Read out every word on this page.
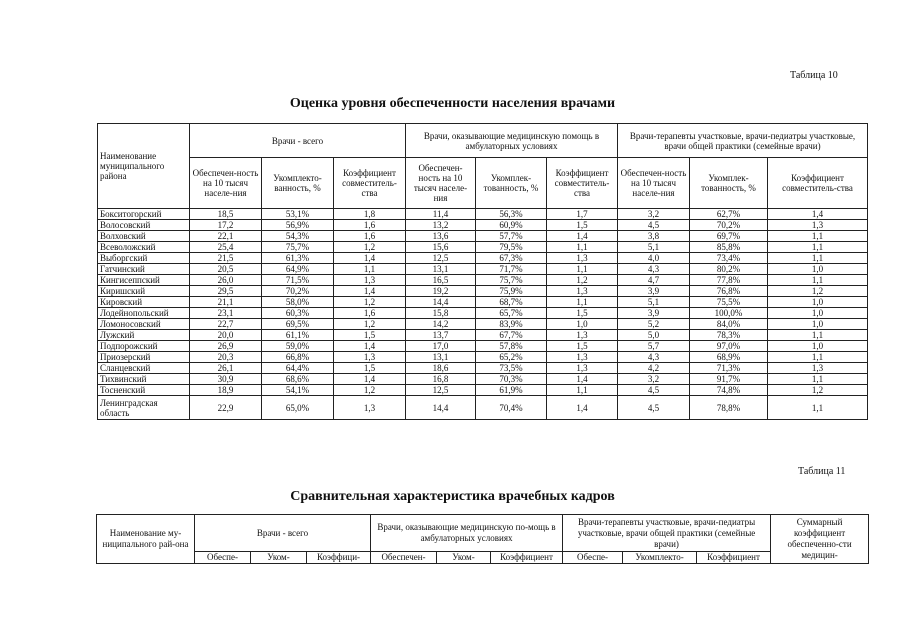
Таблица 10
Оценка уровня обеспеченности населения врачами
Наименование муниципального района	Врачи - всего			Врачи, оказывающие медицинскую помощь в амбулаторных условиях			Врачи-терапевты участковые, врачи-педиатры участковые, врачи общей практики (семейные врачи)		
	Обеспечен-ность на 10 тысяч населе-ния	Укомплекто-ванность, %	Коэффициент совместитель-ства	Обеспечен-ность на 10 тысяч населе-ния	Укомплек-тованность, %	Коэффициент совместитель-ства	Обеспечен-ность на 10 тысяч населе-ния	Укомплек-тованность, %	Коэффициент совместитель-ства
Бокситогорский	18,5	53,1%	1,8	11,4	56,3%	1,7	3,2	62,7%	1,4
Волосовский	17,2	56,9%	1,6	13,2	60,9%	1,5	4,5	70,2%	1,3
Волховский	22,1	54,3%	1,6	13,6	57,7%	1,4	3,8	69,7%	1,1
Всеволожский	25,4	75,7%	1,2	15,6	79,5%	1,1	5,1	85,8%	1,1
Выборгский	21,5	61,3%	1,4	12,5	67,3%	1,3	4,0	73,4%	1,1
Гатчинский	20,5	64,9%	1,1	13,1	71,7%	1,1	4,3	80,2%	1,0
Кингисеппский	26,0	71,5%	1,3	16,5	75,7%	1,2	4,7	77,8%	1,1
Киришский	29,5	70,2%	1,4	19,2	75,9%	1,3	3,9	76,8%	1,2
Кировский	21,1	58,0%	1,2	14,4	68,7%	1,1	5,1	75,5%	1,0
Лодейнопольский	23,1	60,3%	1,6	15,8	65,7%	1,5	3,9	100,0%	1,0
Ломоносовский	22,7	69,5%	1,2	14,2	83,9%	1,0	5,2	84,0%	1,0
Лужский	20,0	61,1%	1,5	13,7	67,7%	1,3	5,0	78,3%	1,1
Подпорожский	26,9	59,0%	1,4	17,0	57,8%	1,5	5,7	97,0%	1,0
Приозерский	20,3	66,8%	1,3	13,1	65,2%	1,3	4,3	68,9%	1,1
Сланцевский	26,1	64,4%	1,5	18,6	73,5%	1,3	4,2	71,3%	1,3
Тихвинский	30,9	68,6%	1,4	16,8	70,3%	1,4	3,2	91,7%	1,1
Тосненский	18,9	54,1%	1,2	12,5	61,9%	1,1	4,5	74,8%	1,2
Ленинградская область	22,9	65,0%	1,3	14,4	70,4%	1,4	4,5	78,8%	1,1
Таблица 11
Сравнительная характеристика врачебных кадров
Наименование му-ниципального рай-она	Врачи - всего			Врачи, оказывающие медицинскую по-мощь в амбулаторных условиях			Врачи-терапевты участковые, врачи-педиатры участковые, врачи общей практики (семейные врачи)			Суммарный коэффициент обеспеченно-сти медицин-
	Обеспе-	Уком-	Коэффици-	Обеспечен-	Уком-	Коэффициент	Обеспе-	Укомплекто-	Коэффициент	
